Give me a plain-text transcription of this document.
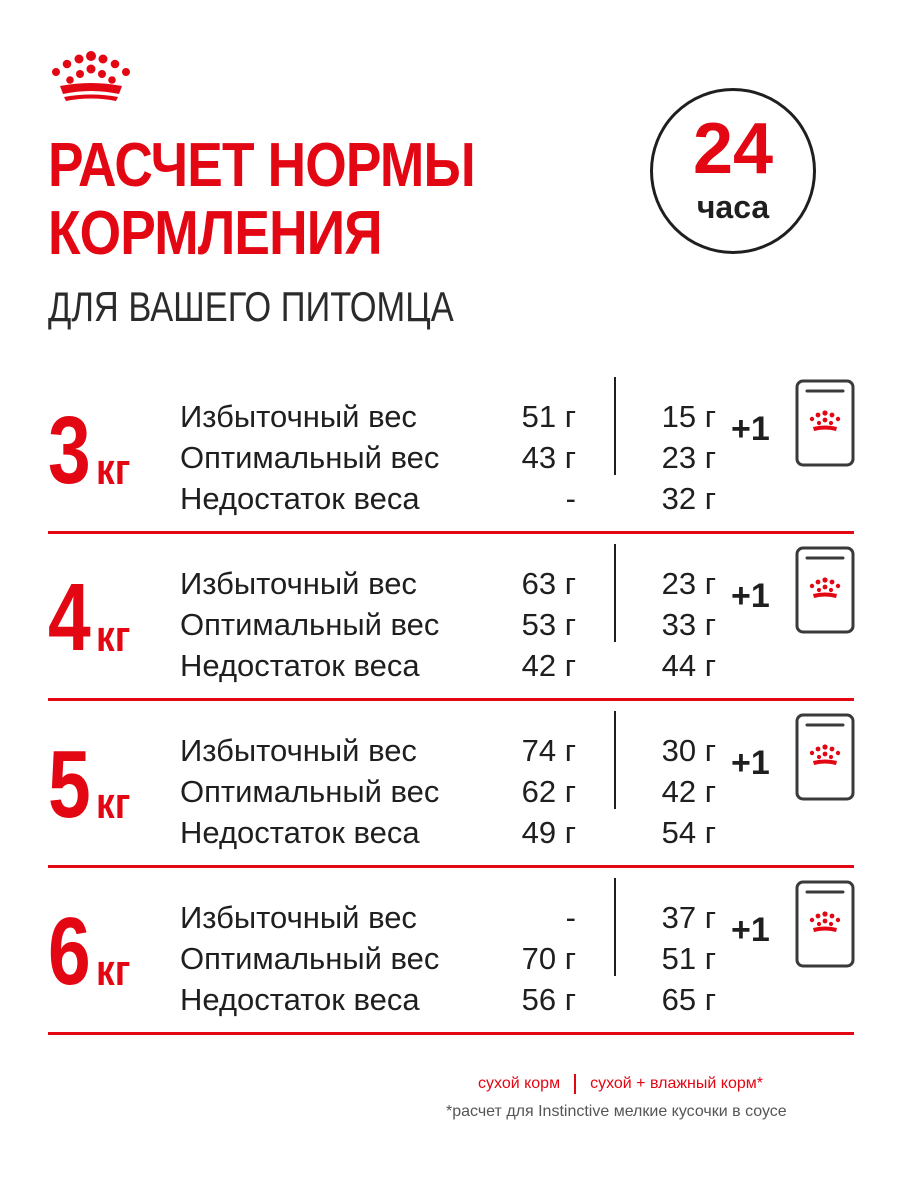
РАСЧЕТ НОРМЫ
КОРМЛЕНИЯ
ДЛЯ ВАШЕГО ПИТОМЦА
24
часа
3 кг
Избыточный вес	51 г	15 г
Оптимальный вес	43 г	23 г
Недостаток веса	-	32 г
+1
4 кг
Избыточный вес	63 г	23 г
Оптимальный вес	53 г	33 г
Недостаток веса	42 г	44 г
+1
5 кг
Избыточный вес	74 г	30 г
Оптимальный вес	62 г	42 г
Недостаток веса	49 г	54 г
+1
6 кг
Избыточный вес	-	37 г
Оптимальный вес	70 г	51 г
Недостаток веса	56 г	65 г
+1
сухой корм сухой + влажный корм*
*расчет для Instinctive мелкие кусочки в соусе
